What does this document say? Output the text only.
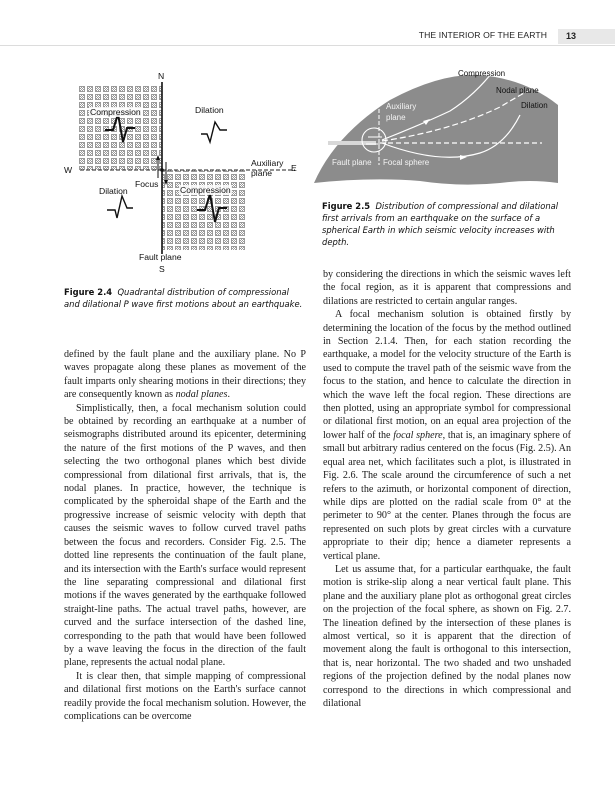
THE INTERIOR OF THE EARTH	13
N
Compression	Dilation
W
Auxiliary
plane E
Focus
Dilation	Compression
Fault plane
S
Figure 2.4 Quadrantal distribution of compressional and dilational P wave first motions about an earthquake.
Compression
Nodal plane
Dilation
Auxiliary
plane
Fault plane Focal sphere
Figure 2.5 Distribution of compressional and dilational first arrivals from an earthquake on the surface of a spherical Earth in which seismic velocity increases with depth.

defined by the fault plane and the auxiliary plane. No P waves propagate along these planes as movement of the fault imparts only shearing motions in their directions; they are consequently known as nodal planes.

Simplistically, then, a focal mechanism solution could be obtained by recording an earthquake at a number of seismographs distributed around its epicenter, determining the nature of the first motions of the P waves, and then selecting the two orthogonal planes which best divide compressional from dilational first arrivals, that is, the nodal planes. In practice, however, the technique is complicated by the spheroidal shape of the Earth and the progressive increase of seismic velocity with depth that causes the seismic waves to follow curved travel paths between the focus and recorders. Consider Fig. 2.5. The dotted line represents the continuation of the fault plane, and its intersection with the Earth's surface would represent the line separating compressional and dilational first motions if the waves generated by the earthquake followed straight-line paths. The actual travel paths, however, are curved and the surface intersection of the dashed line, corresponding to the path that would have been followed by a wave leaving the focus in the direction of the fault plane, represents the actual nodal plane.

It is clear then, that simple mapping of compressional and dilational first motions on the Earth's surface cannot readily provide the focal mechanism solution. However, the complications can be overcome

by considering the directions in which the seismic waves left the focal region, as it is apparent that compressions and dilations are restricted to certain angular ranges.

A focal mechanism solution is obtained firstly by determining the location of the focus by the method outlined in Section 2.1.4. Then, for each station recording the earthquake, a model for the velocity structure of the Earth is used to compute the travel path of the seismic wave from the focus to the station, and hence to calculate the direction in which the wave left the focal region. These directions are then plotted, using an appropriate symbol for compressional or dilational first motion, on an equal area projection of the lower half of the focal sphere, that is, an imaginary sphere of small but arbitrary radius centered on the focus (Fig. 2.5). An equal area net, which facilitates such a plot, is illustrated in Fig. 2.6. The scale around the circumference of such a net refers to the azimuth, or horizontal component of direction, while dips are plotted on the radial scale from 0° at the perimeter to 90° at the center. Planes through the focus are represented on such plots by great circles with a curvature appropriate to their dip; hence a diameter represents a vertical plane.

Let us assume that, for a particular earthquake, the fault motion is strike-slip along a near vertical fault plane. This plane and the auxiliary plane plot as orthogonal great circles on the projection of the focal sphere, as shown on Fig. 2.7. The lineation defined by the intersection of these planes is almost vertical, so it is apparent that the direction of movement along the fault is orthogonal to this intersection, that is, near horizontal. The two shaded and two unshaded regions of the projection defined by the nodal planes now correspond to the directions in which compressional and dilational
